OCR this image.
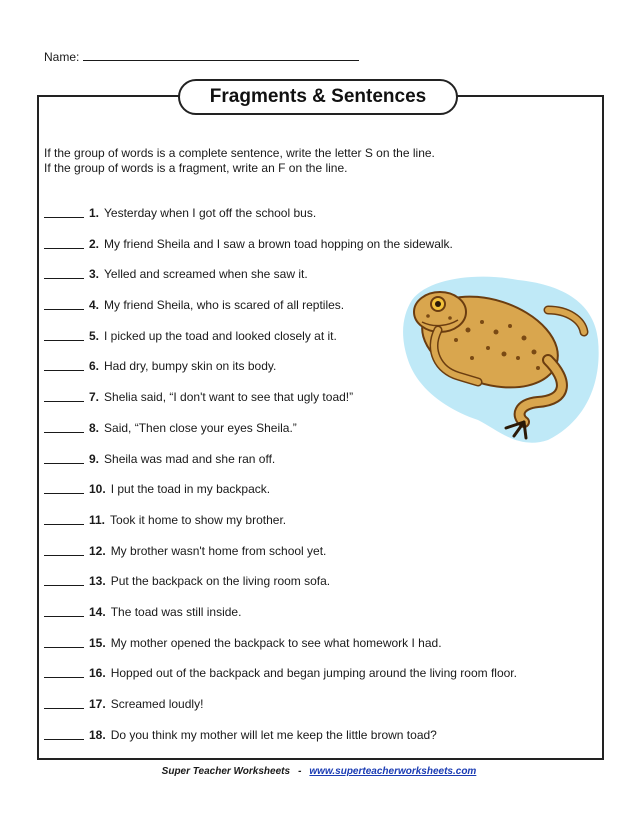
Name:
Fragments & Sentences
If the group of words is a complete sentence, write the letter S on the line.
If the group of words is a fragment, write an F on the line.
1. Yesterday when I got off the school bus.
2. My friend Sheila and I saw a brown toad hopping on the sidewalk.
3. Yelled and screamed when she saw it.
4. My friend Sheila, who is scared of all reptiles.
5. I picked up the toad and looked closely at it.
6. Had dry, bumpy skin on its body.
7. Shelia said, “I don't want to see that ugly toad!”
8. Said, “Then close your eyes Sheila.”
9. Sheila was mad and she ran off.
10. I put the toad in my backpack.
11. Took it home to show my brother.
12. My brother wasn't home from school yet.
13. Put the backpack on the living room sofa.
14. The toad was still inside.
15. My mother opened the backpack to see what homework I had.
16. Hopped out of the backpack and began jumping around the living room floor.
17. Screamed loudly!
18. Do you think my mother will let me keep the little brown toad?
Super Teacher Worksheets - www.superteacherworksheets.com
